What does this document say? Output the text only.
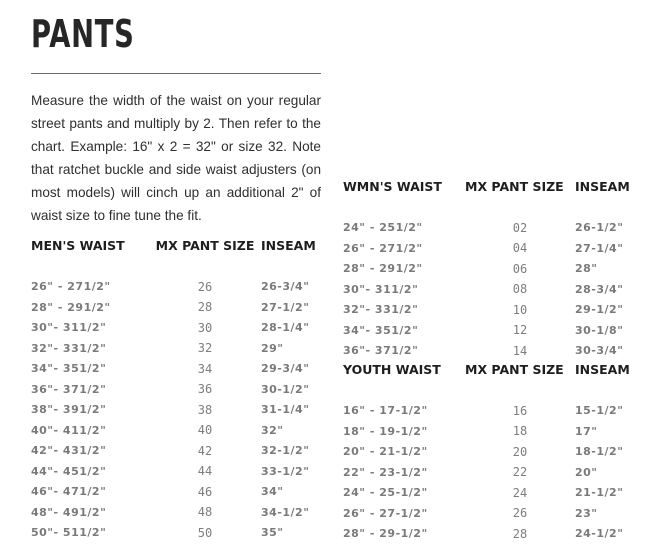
PANTS
Measure the width of the waist on your regular street pants and multiply by 2. Then refer to the chart. Example: 16" x 2 = 32" or size 32. Note that ratchet buckle and side waist adjusters (on most models) will cinch up an additional 2" of waist size to fine tune the fit.
MEN'S WAIST	MX PANT SIZE	INSEAM

26" - 271/2"	26	26-3/4"
28" - 291/2"	28	27-1/2"
30"- 311/2"	30	28-1/4"
32"- 331/2"	32	29"
34"- 351/2"	34	29-3/4"
36"- 371/2"	36	30-1/2"
38"- 391/2"	38	31-1/4"
40"- 411/2"	40	32"
42"- 431/2"	42	32-1/2"
44"- 451/2"	44	33-1/2"
46"- 471/2"	46	34"
48"- 491/2"	48	34-1/2"
50"- 511/2"	50	35"
WMN'S WAIST	MX PANT SIZE	INSEAM

24" - 251/2"	02	26-1/2"
26" - 271/2"	04	27-1/4"
28" - 291/2"	06	28"
30"- 311/2"	08	28-3/4"
32"- 331/2"	10	29-1/2"
34"- 351/2"	12	30-1/8"
36"- 371/2"	14	30-3/4"
YOUTH WAIST	MX PANT SIZE	INSEAM

16" - 17-1/2"	16	15-1/2"
18" - 19-1/2"	18	17"
20" - 21-1/2"	20	18-1/2"
22" - 23-1/2"	22	20"
24" - 25-1/2"	24	21-1/2"
26" - 27-1/2"	26	23"
28" - 29-1/2"	28	24-1/2"
